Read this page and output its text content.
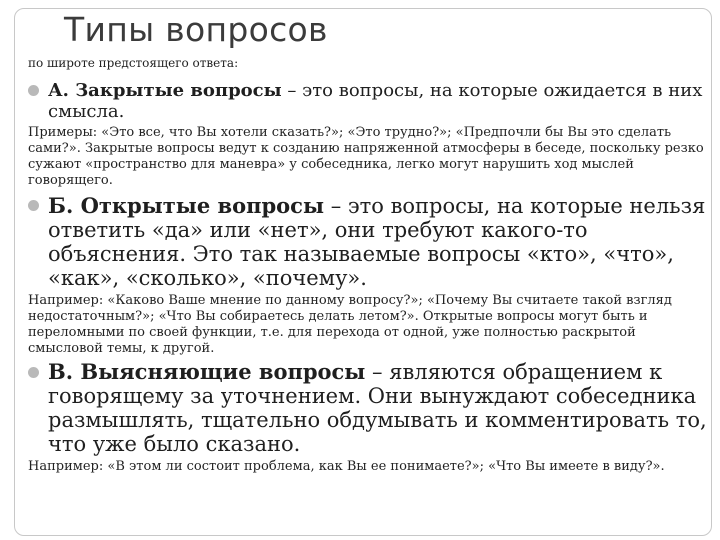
Типы вопросов
по широте предстоящего ответа:
А. Закрытые вопросы – это вопросы, на которые ожидается в них смысла.
Примеры: «Это все, что Вы хотели сказать?»; «Это трудно?»; «Предпочли бы Вы это сделать сами?». Закрытые вопросы ведут к созданию напряженной атмосферы в беседе, поскольку резко сужают «пространство для маневра» у собеседника, легко могут нарушить ход мыслей говорящего.
Б. Открытые вопросы – это вопросы, на которые нельзя ответить «да» или «нет», они требуют какого-то объяснения. Это так называемые вопросы «кто», «что», «как», «сколько», «почему».
Например: «Каково Ваше мнение по данному вопросу?»; «Почему Вы считаете такой взгляд недостаточным?»; «Что Вы собираетесь делать летом?». Открытые вопросы могут быть и переломными по своей функции, т.е. для перехода от одной, уже полностью раскрытой смысловой темы, к другой.
В. Выясняющие вопросы – являются обращением к говорящему за уточнением. Они вынуждают собеседника размышлять, тщательно обдумывать и комментировать то, что уже было сказано.
Например: «В этом ли состоит проблема, как Вы ее понимаете?»; «Что Вы имеете в виду?».
